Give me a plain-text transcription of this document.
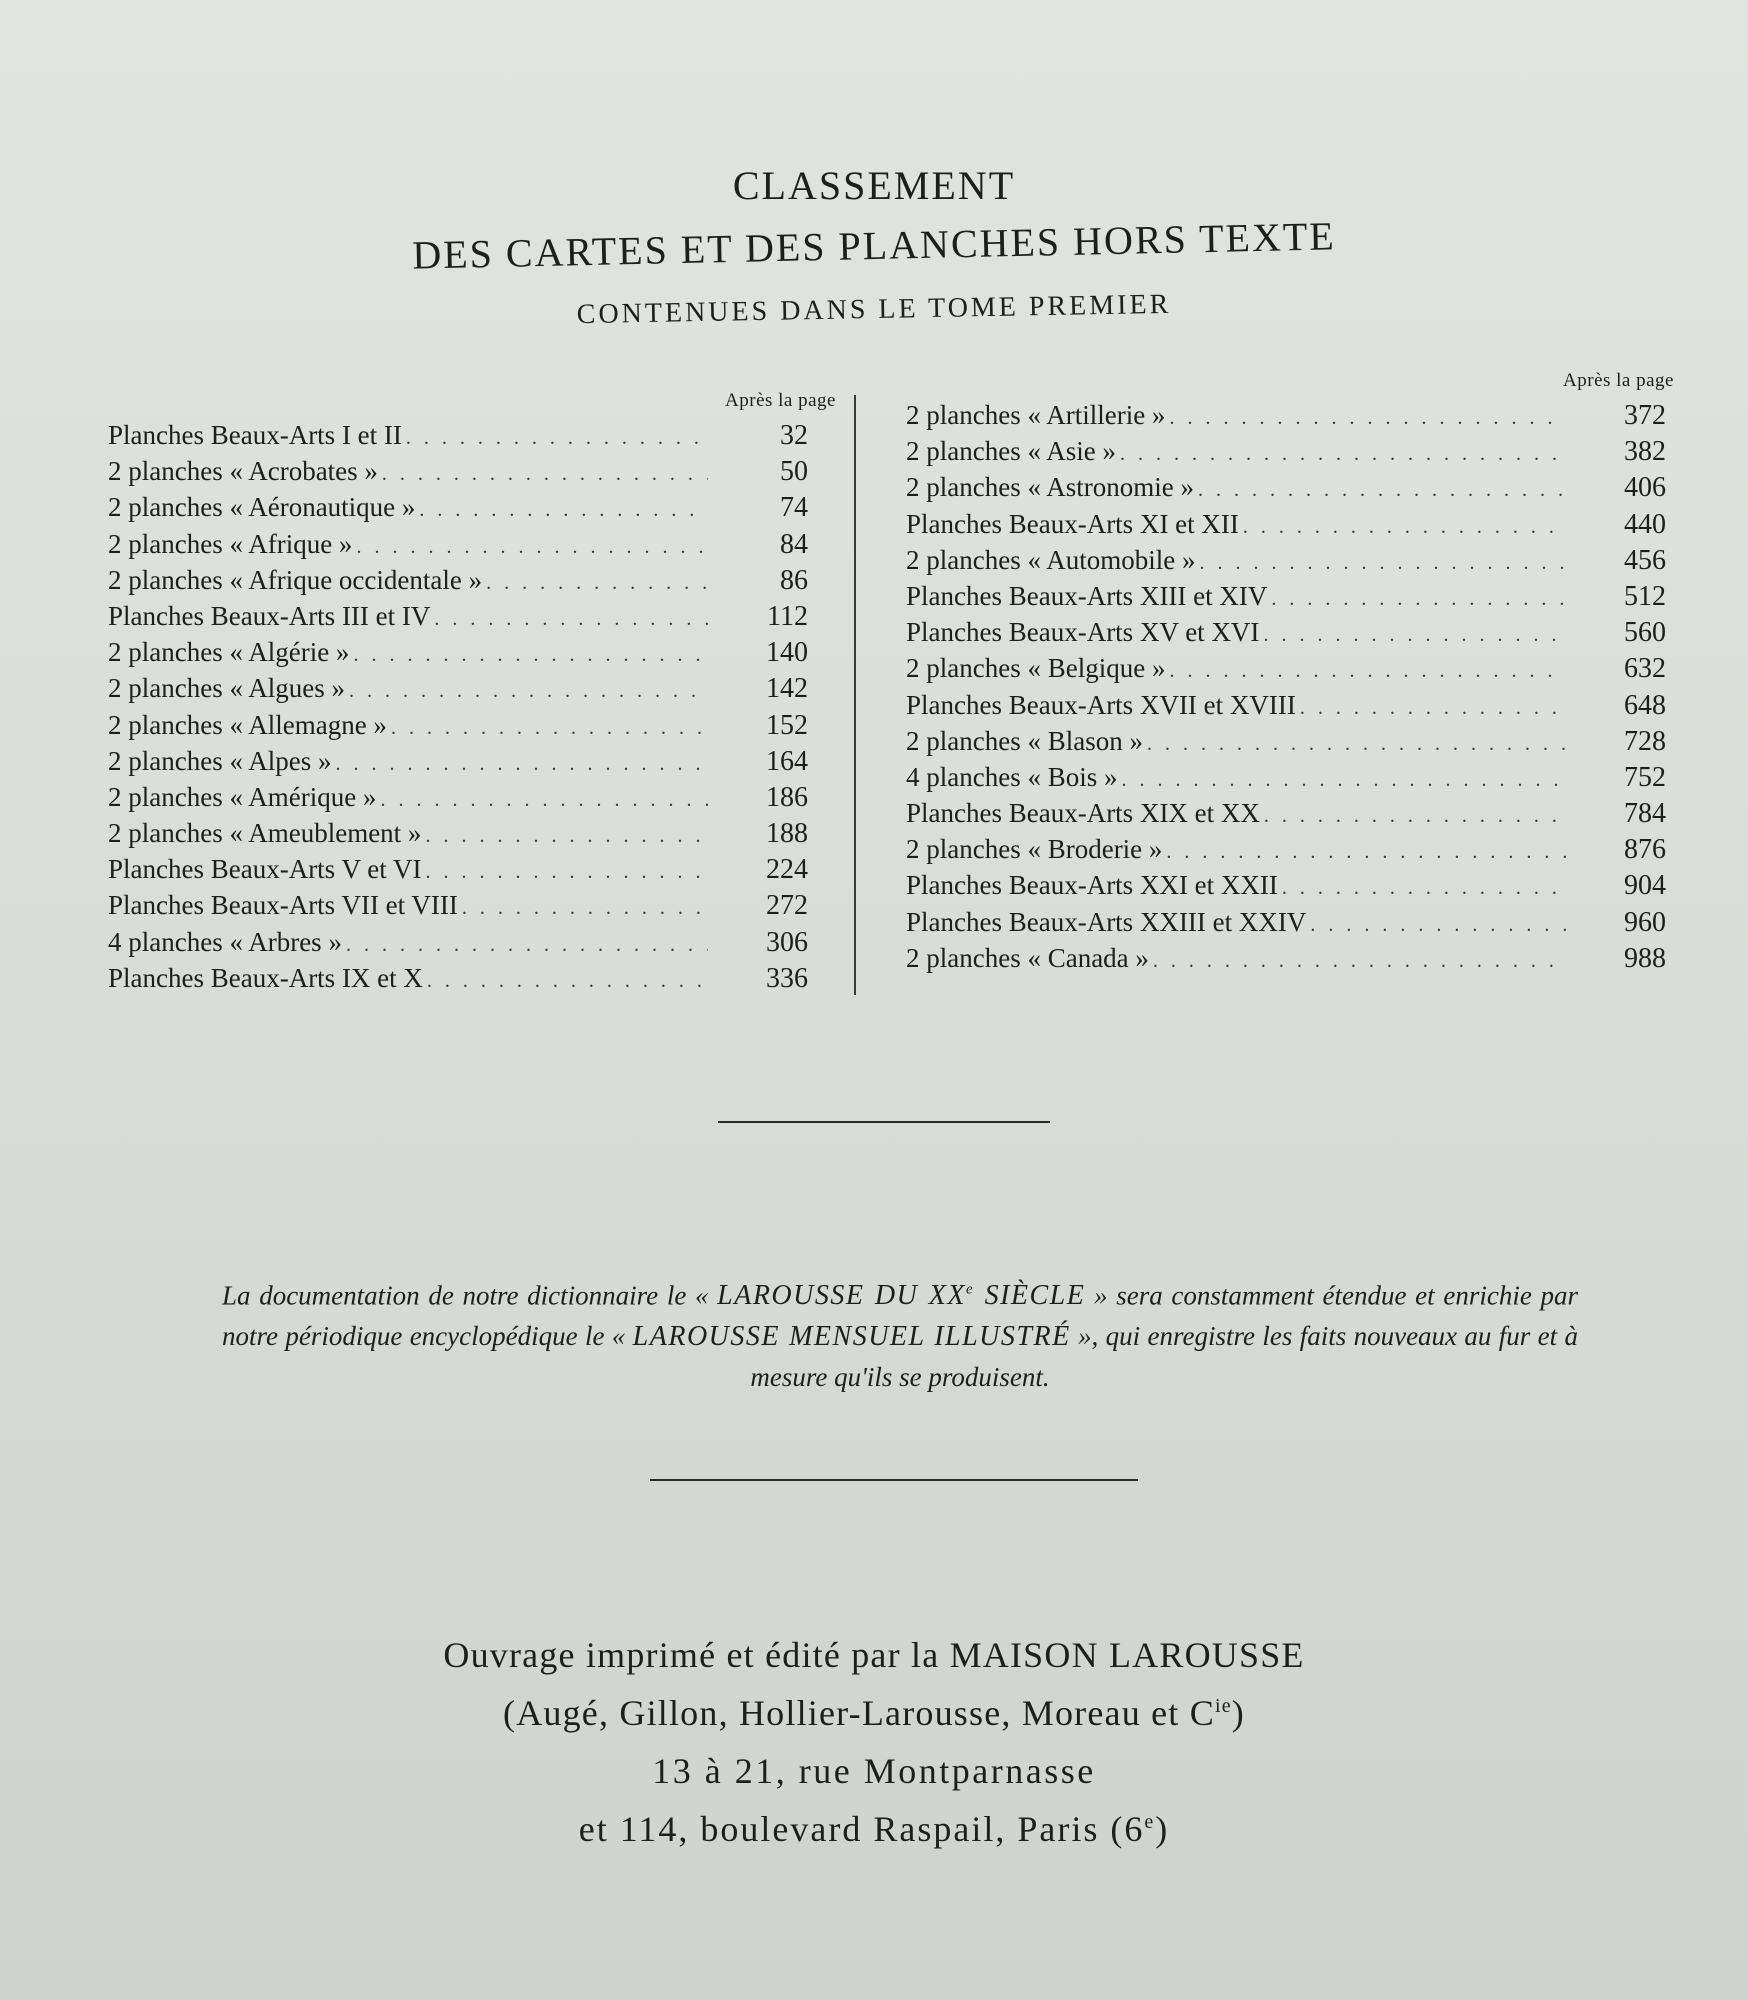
CLASSEMENT
DES CARTES ET DES PLANCHES HORS TEXTE
CONTENUES DANS LE TOME PREMIER
Après la page
Planches Beaux-Arts I et II . . .	32
2 planches « Acrobates » . . .	50
2 planches « Aéronautique » . . .	74
2 planches « Afrique » . . .	84
2 planches « Afrique occidentale » . . .	86
Planches Beaux-Arts III et IV . . .	112
2 planches « Algérie » . . .	140
2 planches « Algues » . . .	142
2 planches « Allemagne » . . .	152
2 planches « Alpes » . . .	164
2 planches « Amérique » . . .	186
2 planches « Ameublement » . . .	188
Planches Beaux-Arts V et VI . . .	224
Planches Beaux-Arts VII et VIII . . .	272
4 planches « Arbres » . . .	306
Planches Beaux-Arts IX et X . . .	336
Après la page
2 planches « Artillerie » . . .	372
2 planches « Asie » . . .	382
2 planches « Astronomie » . . .	406
Planches Beaux-Arts XI et XII . . .	440
2 planches « Automobile » . . .	456
Planches Beaux-Arts XIII et XIV . . .	512
Planches Beaux-Arts XV et XVI . . .	560
2 planches « Belgique » . . .	632
Planches Beaux-Arts XVII et XVIII . . .	648
2 planches « Blason » . . .	728
4 planches « Bois » . . .	752
Planches Beaux-Arts XIX et XX . . .	784
2 planches « Broderie » . . .	876
Planches Beaux-Arts XXI et XXII . . .	904
Planches Beaux-Arts XXIII et XXIV . . .	960
2 planches « Canada » . . .	988
La documentation de notre dictionnaire le « LAROUSSE DU XXe SIÈCLE » sera constamment étendue et enrichie par notre périodique encyclopédique le « LAROUSSE MENSUEL ILLUSTRÉ », qui enregistre les faits nouveaux au fur et à mesure qu'ils se produisent.
Ouvrage imprimé et édité par la MAISON LAROUSSE
(Augé, Gillon, Hollier-Larousse, Moreau et $C^{ie}$)
13 à 21, rue Montparnasse
et 114, boulevard Raspail, Paris (6e)
